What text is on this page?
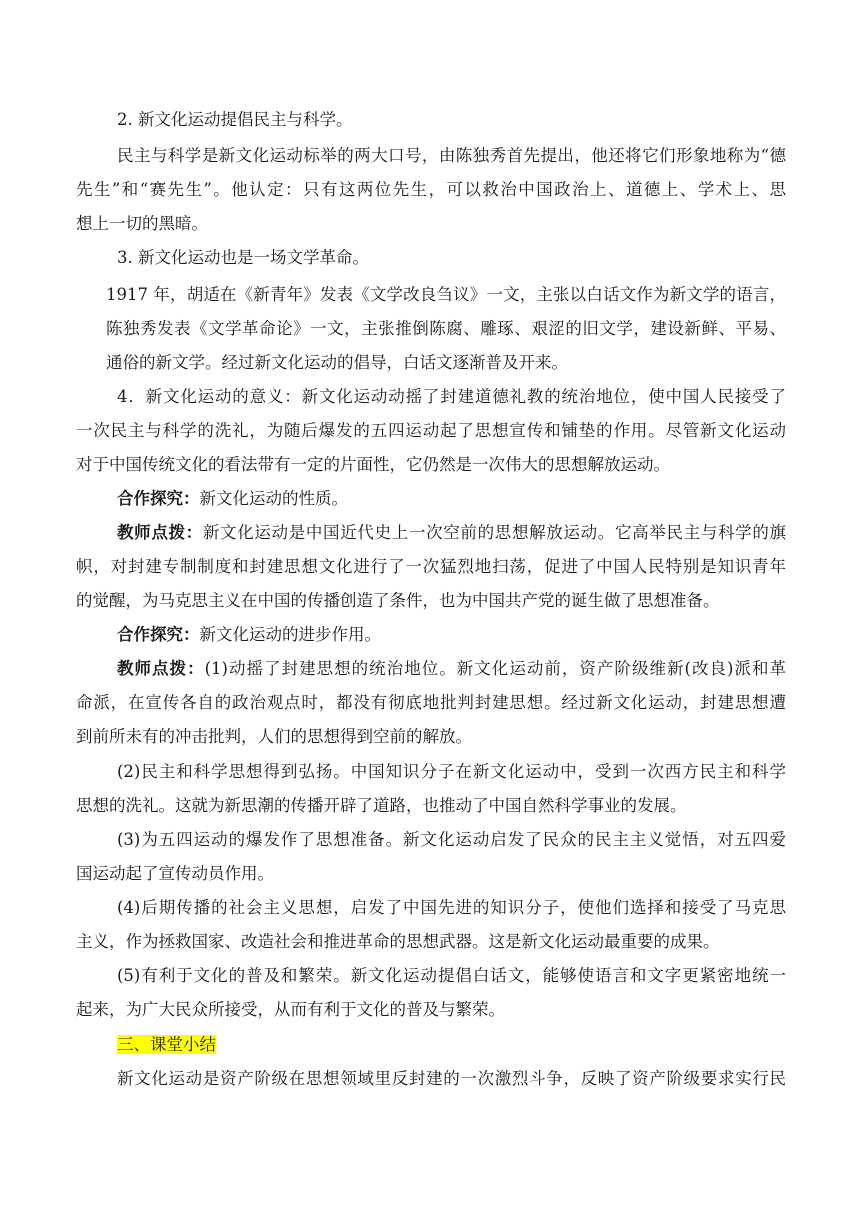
2. 新文化运动提倡民主与科学。
民主与科学是新文化运动标举的两大口号，由陈独秀首先提出，他还将它们形象地称为“德
先生”和“赛先生”。他认定：只有这两位先生，可以救治中国政治上、道德上、学术上、思
想上一切的黑暗。
3. 新文化运动也是一场文学革命。
1917 年，胡适在《新青年》发表《文学改良刍议》一文，主张以白话文作为新文学的语言，
陈独秀发表《文学革命论》一文，主张推倒陈腐、雕琢、艰涩的旧文学，建设新鲜、平易、
通俗的新文学。经过新文化运动的倡导，白话文逐渐普及开来。
4．新文化运动的意义：新文化运动动摇了封建道德礼教的统治地位，使中国人民接受了
一次民主与科学的洗礼，为随后爆发的五四运动起了思想宣传和铺垫的作用。尽管新文化运动
对于中国传统文化的看法带有一定的片面性，它仍然是一次伟大的思想解放运动。
合作探究：新文化运动的性质。
教师点拨：新文化运动是中国近代史上一次空前的思想解放运动。它高举民主与科学的旗
帜，对封建专制制度和封建思想文化进行了一次猛烈地扫荡，促进了中国人民特别是知识青年
的觉醒，为马克思主义在中国的传播创造了条件，也为中国共产党的诞生做了思想准备。
合作探究：新文化运动的进步作用。
教师点拨：(1)动摇了封建思想的统治地位。新文化运动前，资产阶级维新(改良)派和革
命派，在宣传各自的政治观点时，都没有彻底地批判封建思想。经过新文化运动，封建思想遭
到前所未有的冲击批判，人们的思想得到空前的解放。
(2)民主和科学思想得到弘扬。中国知识分子在新文化运动中，受到一次西方民主和科学
思想的洗礼。这就为新思潮的传播开辟了道路，也推动了中国自然科学事业的发展。
(3)为五四运动的爆发作了思想准备。新文化运动启发了民众的民主主义觉悟，对五四爱
国运动起了宣传动员作用。
(4)后期传播的社会主义思想，启发了中国先进的知识分子，使他们选择和接受了马克思
主义，作为拯救国家、改造社会和推进革命的思想武器。这是新文化运动最重要的成果。
(5)有利于文化的普及和繁荣。新文化运动提倡白话文，能够使语言和文字更紧密地统一
起来，为广大民众所接受，从而有利于文化的普及与繁荣。
三、课堂小结
新文化运动是资产阶级在思想领域里反封建的一次激烈斗争，反映了资产阶级要求实行民
